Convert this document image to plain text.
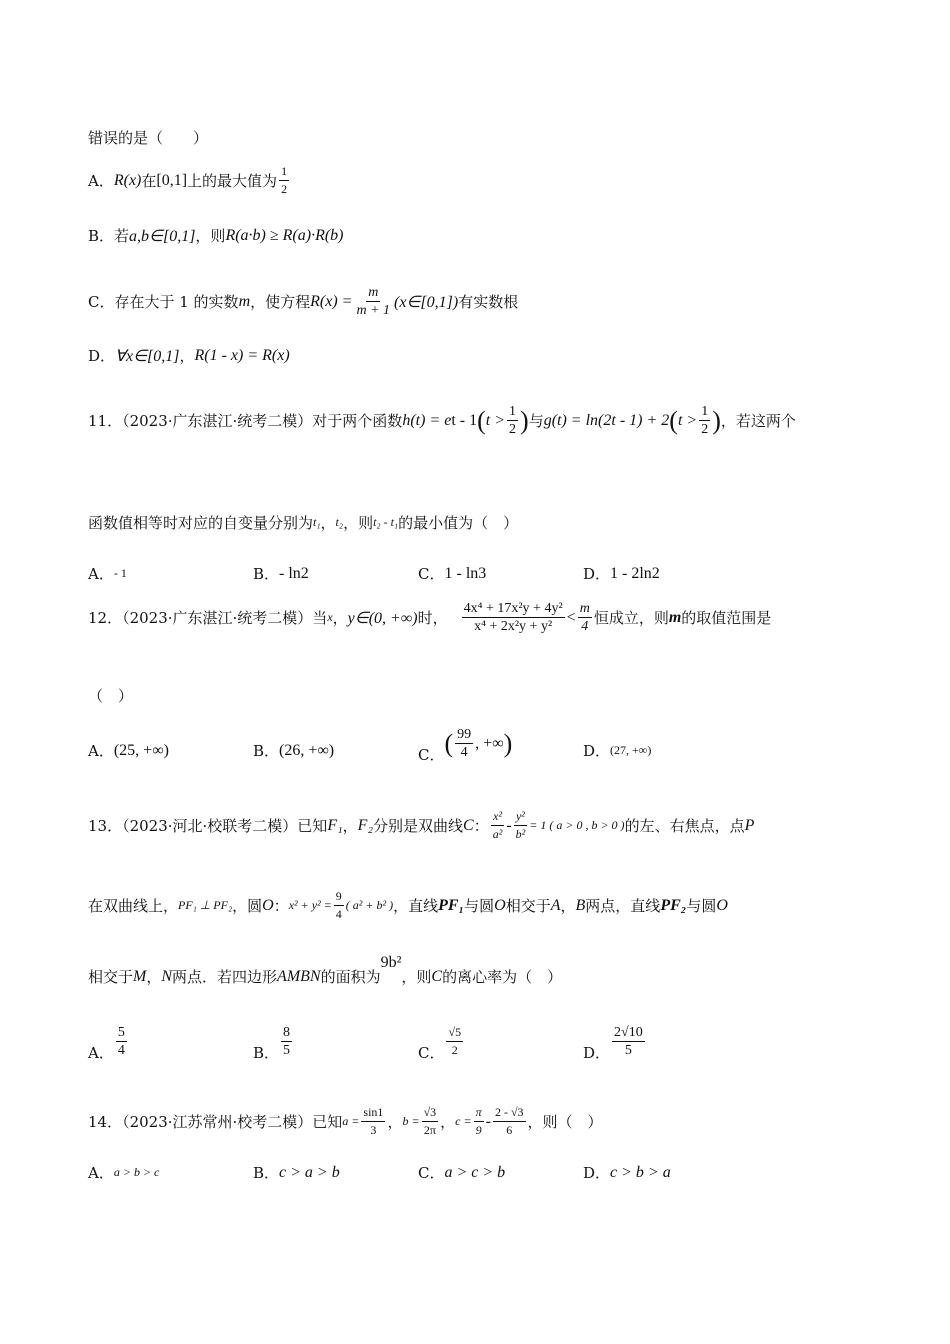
错误的是（　　）
A． R(x) 在 [0,1] 上的最大值为 $\frac{1}{2}$
B．若 a,b∈[0,1] ，则 R(a·b) ≥ R(a)·R(b)
C．存在大于 1 的实数 m ，使方程 $R(x) = \frac{m}{m + 1}$ (x∈[0,1]) 有实数根
D． ∀x∈[0,1] ， R(1 - x) = R(x)
11．（2023·广东湛江·统考二模）对于两个函数 h(t) = e t - 1 ( $t > \frac{1}{2}$ ) 与 g(t) = ln(2t - 1) + 2 ( $t > \frac{1}{2}$ ) ，若这两个
函数值相等时对应的自变量分别为 t₁ ， t₂ ，则 t₂ - t₁ 的最小值为（　）
A． - 1	B． - ln2	C． 1 - ln3	D． 1 - 2ln2
12．（2023·广东湛江·统考二模）当 x ， y∈(0, +∞) 时， $\frac{\text{4x⁴ + 17x²y + 4y²}}{\text{x⁴ + 2x²y + y²}} < \frac{m}{4}$ 恒成立，则 m 的取值范围是
（　）
A． (25, +∞)	B． (26, +∞)	C． ( $\frac{99}{4}$ , +∞ )	D． (27, +∞)
13．（2023·河北·校联考二模）已知 F₁ ， F₂ 分别是双曲线 C ： $\frac{\text{x²}}{\text{a²}} - \frac{\text{y²}}{\text{b²}} = 1$ ( a > 0 , b > 0 ) 的左、右焦点，点 P
在双曲线上， PF₁ ⊥ PF₂ ，圆 O ： $x^2 + y^2 = \frac{9}{4}$ ( a² + b² ) ，直线 PF₁ 与圆 O 相交于 A ， B 两点，直线 PF₂ 与圆 O
相交于 M ， N 两点．若四边形 AMBN 的面积为
9b²
，则 C 的离心率为（　）
A． $\frac{5}{4}$	B． $\frac{8}{5}$	C． $\frac{√5}{2}$	D． $\frac{2√10}{5}$
14．（2023·江苏常州·校考二模）已知 $a = \frac{\sin 1}{3}$ ， $b = \frac{√3}{2\pi}$ ， $c = \frac{\pi}{9} - \frac{2 - √3}{6}$ ，则（　）
A． a > b > c	B． c > a > b	C． a > c > b	D． c > b > a
